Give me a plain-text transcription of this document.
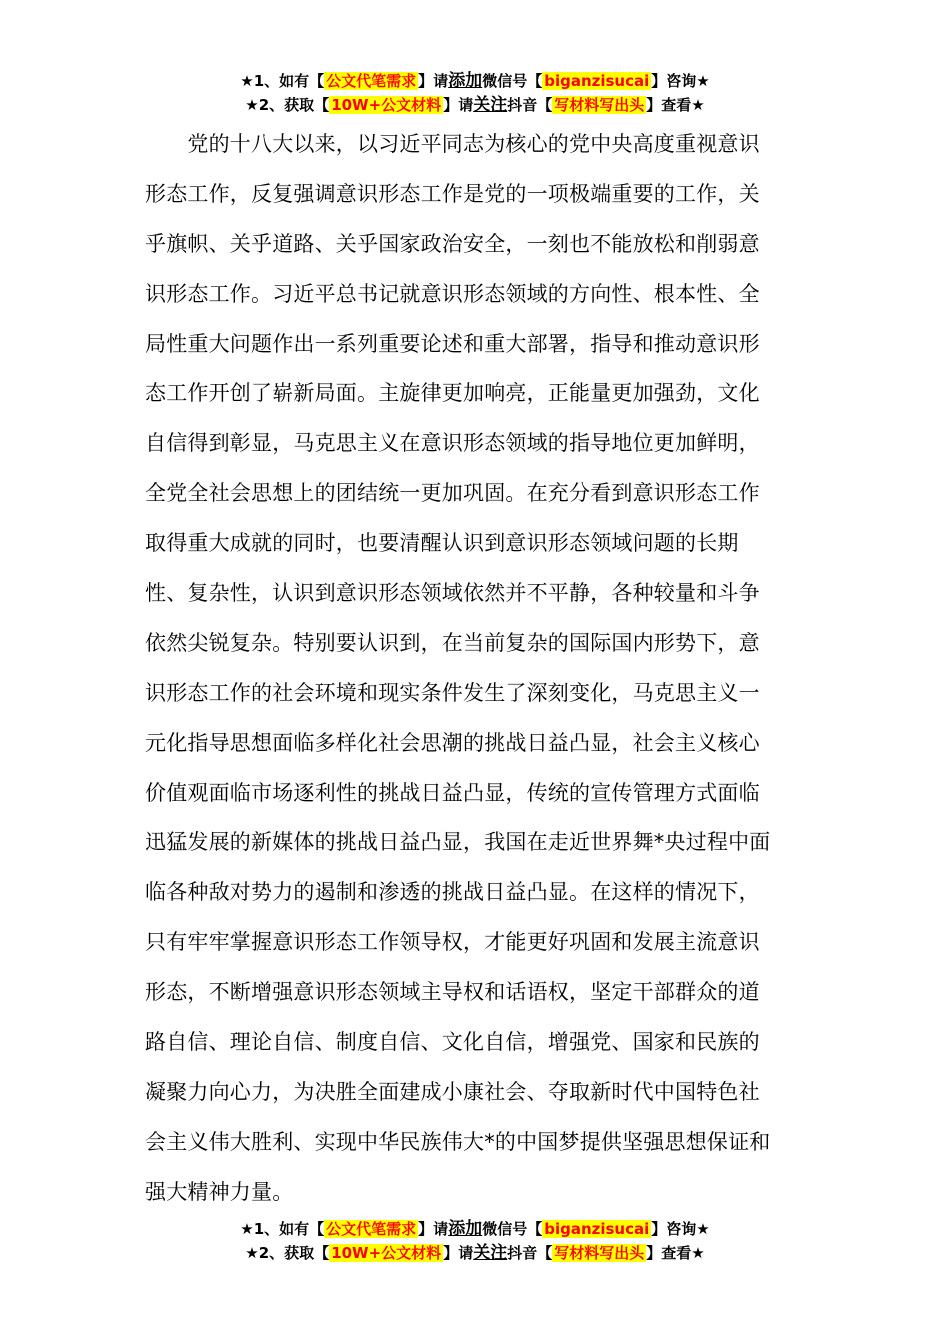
★1、如有【 公文代笔需求 】请添加微信号【 biganzisucai 】咨询★
★2、获取【 10W+公文材料 】请关注抖音【 写材料写出头 】查看★
　　党的十八大以来，以习近平同志为核心的党中央高度重视意识
形态工作，反复强调意识形态工作是党的一项极端重要的工作，关
乎旗帜、关乎道路、关乎国家政治安全，一刻也不能放松和削弱意
识形态工作。习近平总书记就意识形态领域的方向性、根本性、全
局性重大问题作出一系列重要论述和重大部署，指导和推动意识形
态工作开创了崭新局面。主旋律更加响亮，正能量更加强劲，文化
自信得到彰显，马克思主义在意识形态领域的指导地位更加鲜明，
全党全社会思想上的团结统一更加巩固。在充分看到意识形态工作
取得重大成就的同时，也要清醒认识到意识形态领域问题的长期
性、复杂性，认识到意识形态领域依然并不平静，各种较量和斗争
依然尖锐复杂。特别要认识到，在当前复杂的国际国内形势下，意
识形态工作的社会环境和现实条件发生了深刻变化，马克思主义一
元化指导思想面临多样化社会思潮的挑战日益凸显，社会主义核心
价值观面临市场逐利性的挑战日益凸显，传统的宣传管理方式面临
迅猛发展的新媒体的挑战日益凸显，我国在走近世界舞*央过程中面
临各种敌对势力的遏制和渗透的挑战日益凸显。在这样的情况下，
只有牢牢掌握意识形态工作领导权，才能更好巩固和发展主流意识
形态，不断增强意识形态领域主导权和话语权，坚定干部群众的道
路自信、理论自信、制度自信、文化自信，增强党、国家和民族的
凝聚力向心力，为决胜全面建成小康社会、夺取新时代中国特色社
会主义伟大胜利、实现中华民族伟大*的中国梦提供坚强思想保证和
强大精神力量。
★1、如有【 公文代笔需求 】请添加微信号【 biganzisucai 】咨询★
★2、获取【 10W+公文材料 】请关注抖音【 写材料写出头 】查看★
